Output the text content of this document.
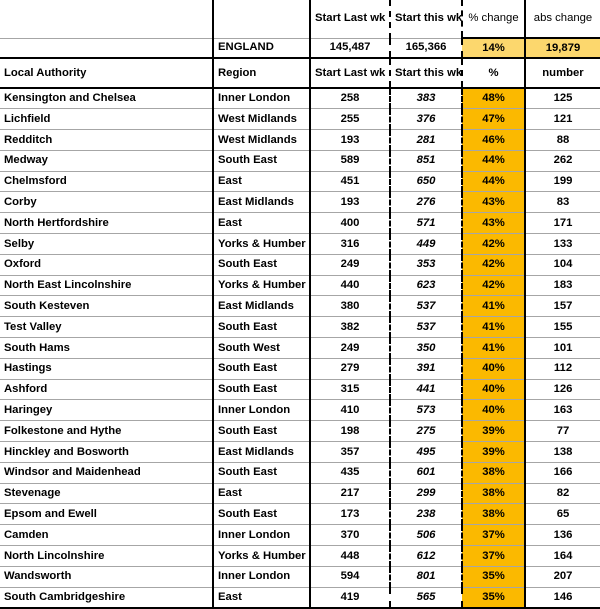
		Start Last wk	Start this wk	% change	abs change
	ENGLAND	145,487	165,366	14%	19,879
Local Authority	Region	Start Last wk	Start this wk	%	number
Kensington and Chelsea	Inner London	258	383	48%	125
Lichfield	West Midlands	255	376	47%	121
Redditch	West Midlands	193	281	46%	88
Medway	South East	589	851	44%	262
Chelmsford	East	451	650	44%	199
Corby	East Midlands	193	276	43%	83
North Hertfordshire	East	400	571	43%	171
Selby	Yorks & Humber	316	449	42%	133
Oxford	South East	249	353	42%	104
North East Lincolnshire	Yorks & Humber	440	623	42%	183
South Kesteven	East Midlands	380	537	41%	157
Test Valley	South East	382	537	41%	155
South Hams	South West	249	350	41%	101
Hastings	South East	279	391	40%	112
Ashford	South East	315	441	40%	126
Haringey	Inner London	410	573	40%	163
Folkestone and Hythe	South East	198	275	39%	77
Hinckley and Bosworth	East Midlands	357	495	39%	138
Windsor and Maidenhead	South East	435	601	38%	166
Stevenage	East	217	299	38%	82
Epsom and Ewell	South East	173	238	38%	65
Camden	Inner London	370	506	37%	136
North Lincolnshire	Yorks & Humber	448	612	37%	164
Wandsworth	Inner London	594	801	35%	207
South Cambridgeshire	East	419	565	35%	146
